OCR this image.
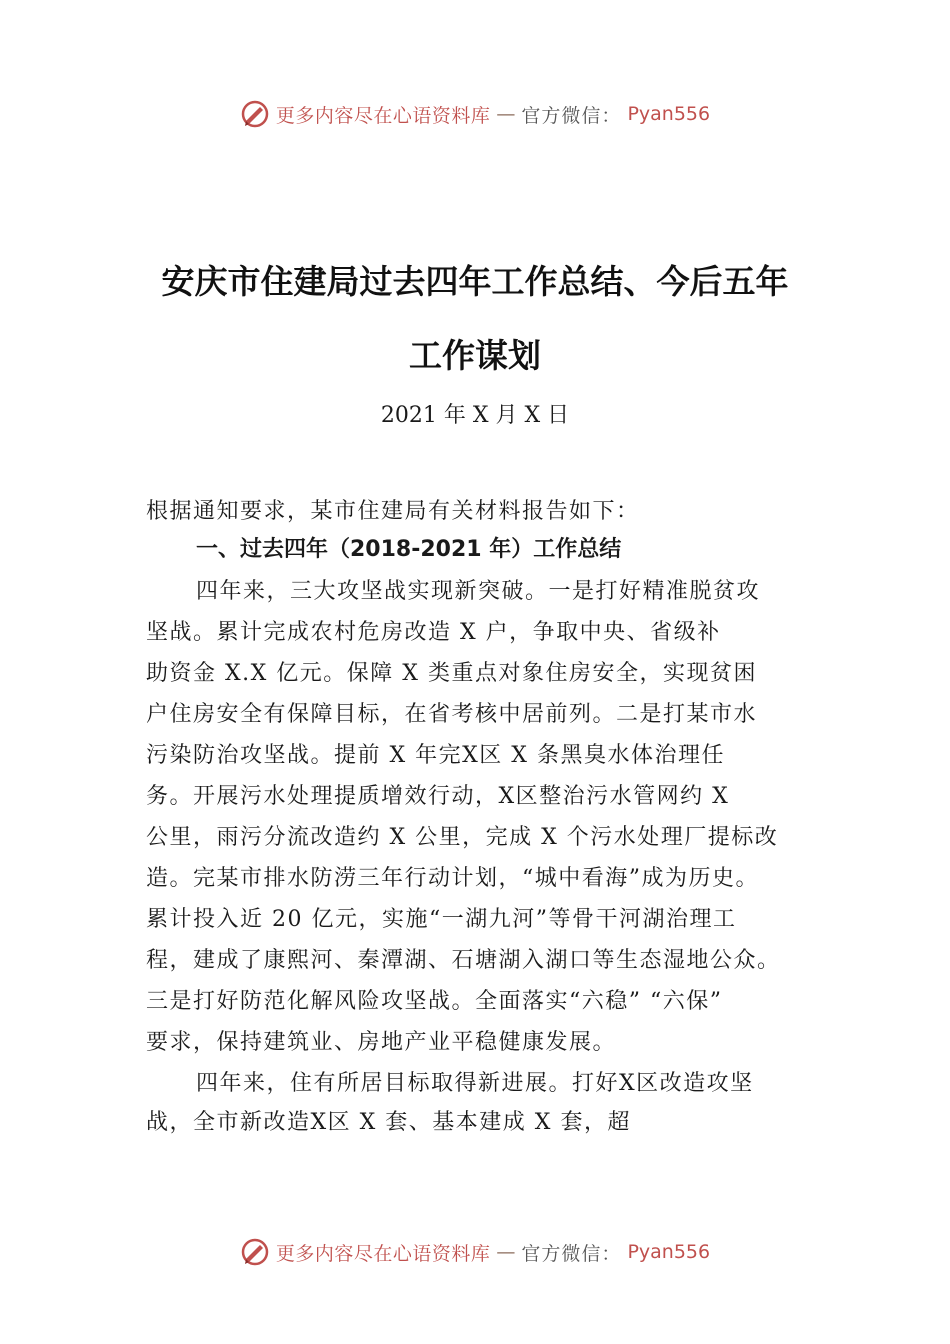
更多内容尽在心语资料库 — 官方微信： Pyan556
安庆市住建局过去四年工作总结、今后五年
工作谋划
2021 年 X 月 X 日
根据通知要求，某市住建局有关材料报告如下：
一、过去四年（2018-2021 年）工作总结
四年来，三大攻坚战实现新突破。一是打好精准脱贫攻
坚战。累计完成农村危房改造 X 户，争取中央、省级补
助资金 X.X 亿元。保障 X 类重点对象住房安全，实现贫困
户住房安全有保障目标，在省考核中居前列。二是打某市水
污染防治攻坚战。提前 X 年完X区 X 条黑臭水体治理任
务。开展污水处理提质增效行动，X区整治污水管网约 X
公里，雨污分流改造约 X 公里，完成 X 个污水处理厂提标改
造。完某市排水防涝三年行动计划，“城中看海”成为历史。
累计投入近 20 亿元，实施“一湖九河”等骨干河湖治理工
程，建成了康熙河、秦潭湖、石塘湖入湖口等生态湿地公众。
三是打好防范化解风险攻坚战。全面落实“六稳” “六保”
要求，保持建筑业、房地产业平稳健康发展。
四年来，住有所居目标取得新进展。打好X区改造攻坚
战，全市新改造X区 X 套、基本建成 X 套，超
更多内容尽在心语资料库 — 官方微信： Pyan556
